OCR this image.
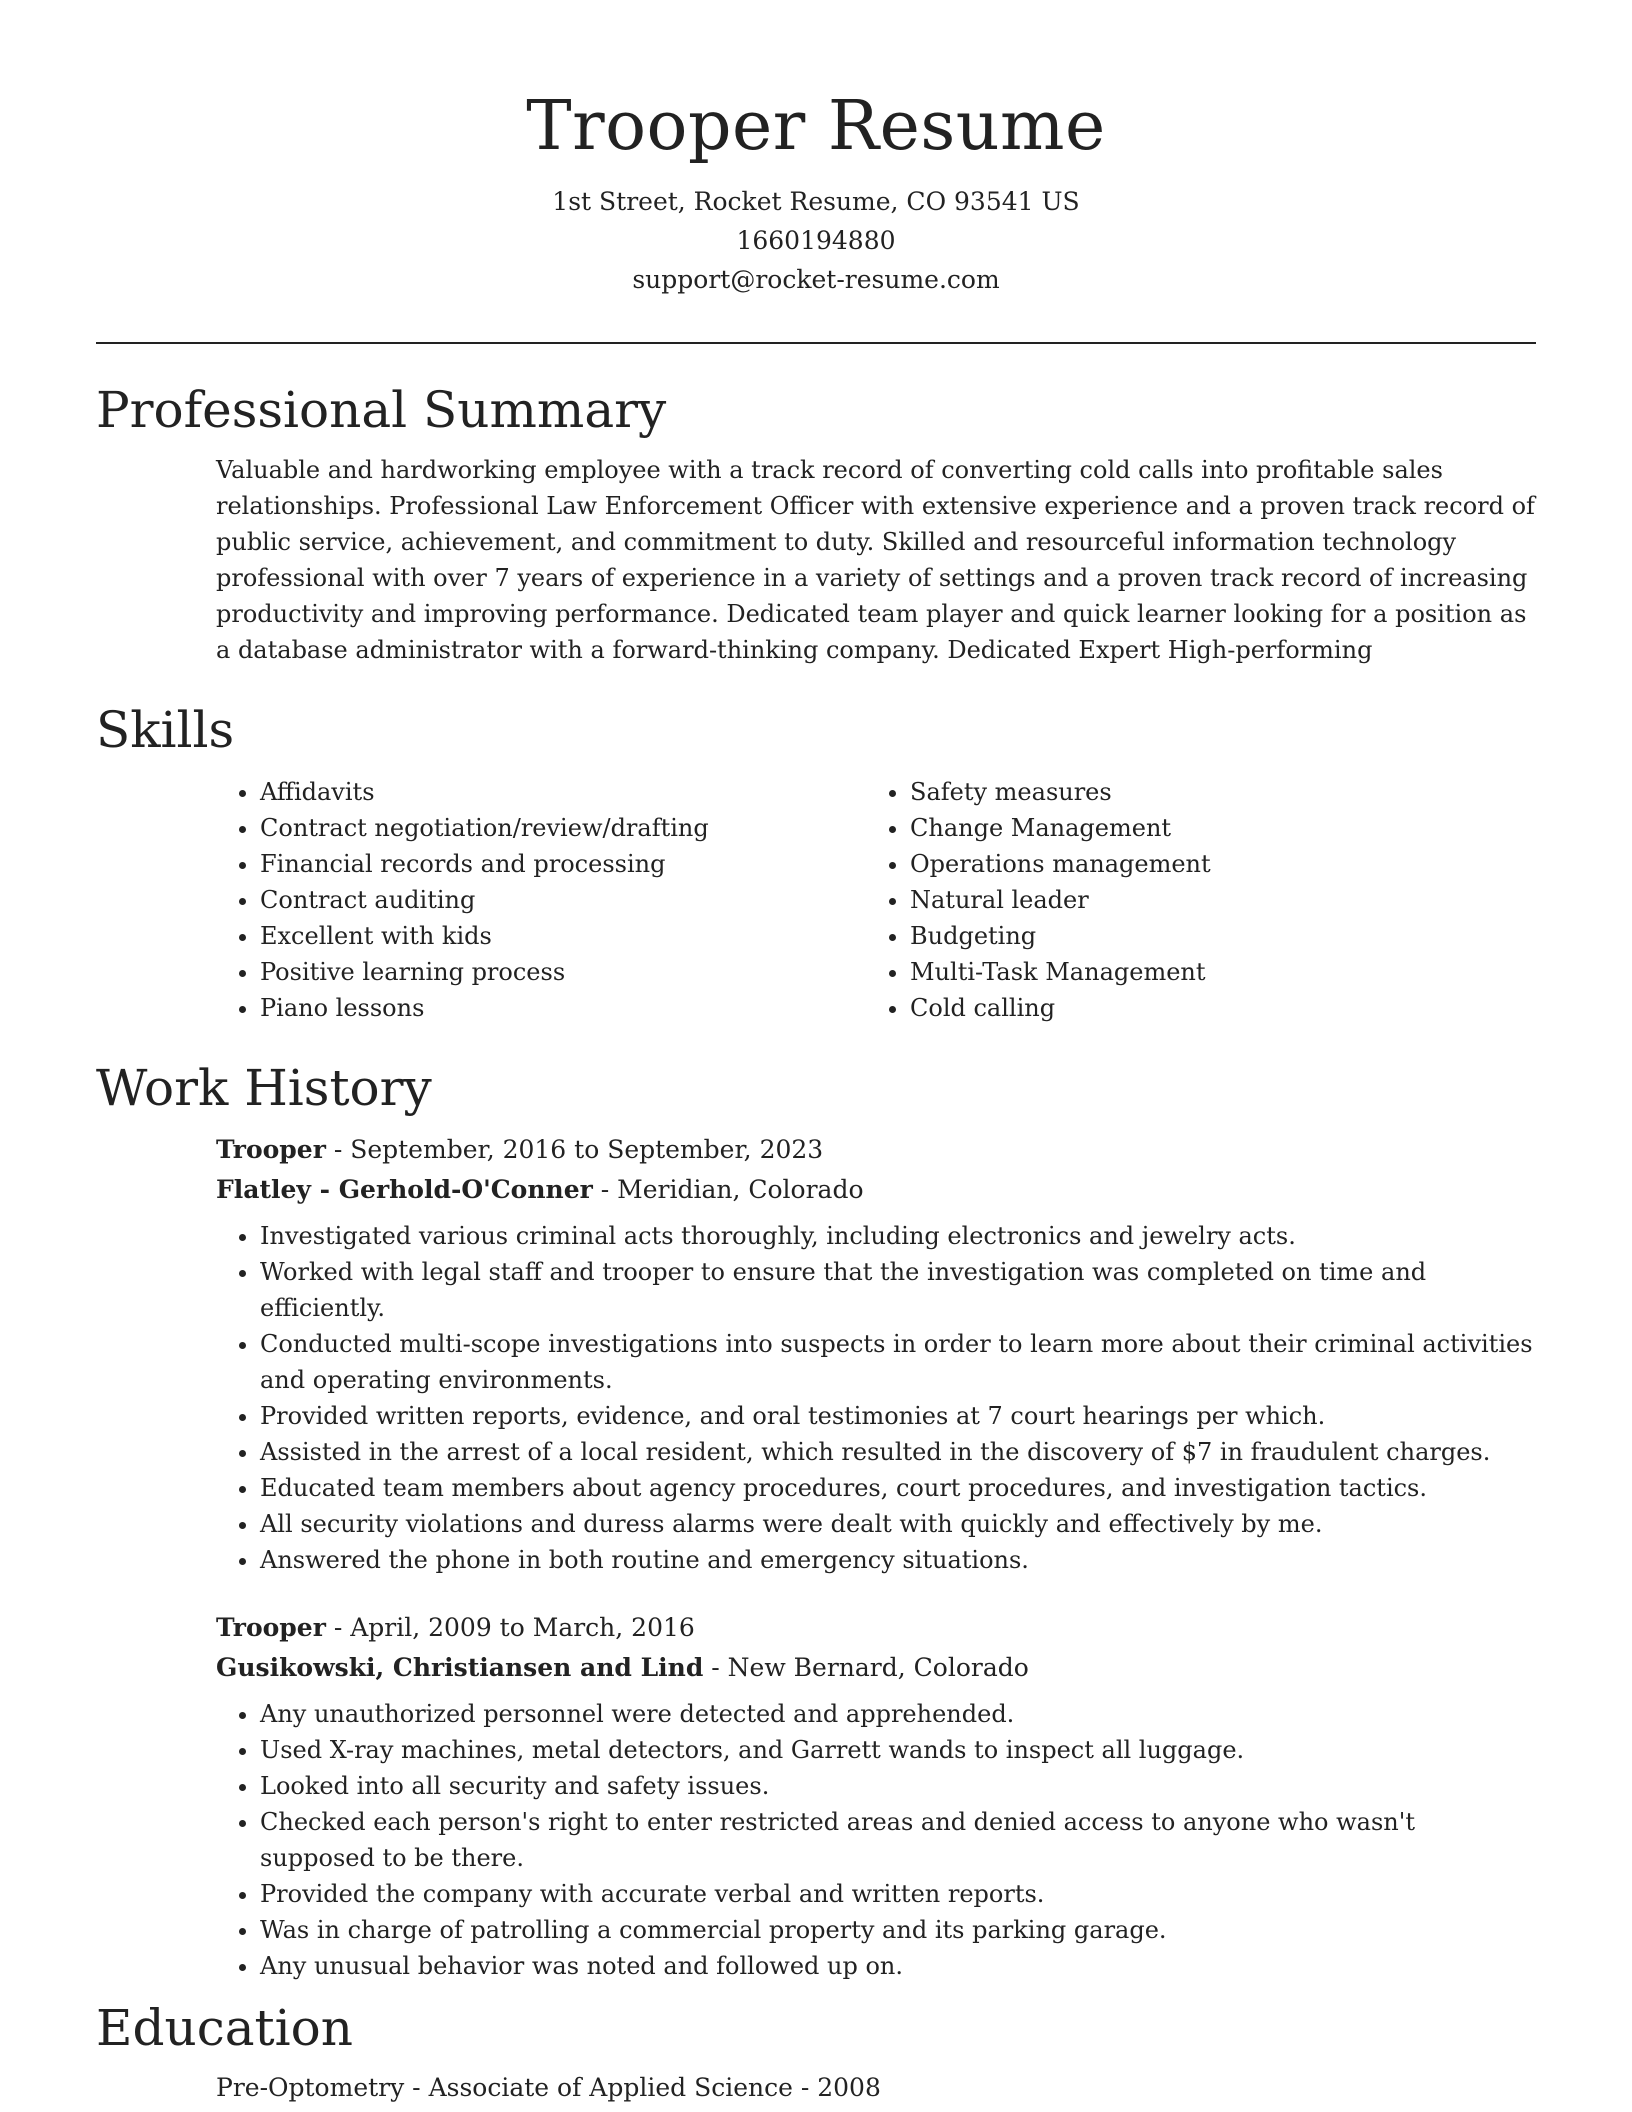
Trooper Resume
1st Street, Rocket Resume, CO 93541 US
1660194880
support@rocket-resume.com
Professional Summary

Valuable and hardworking employee with a track record of converting cold calls into profitable sales relationships. Professional Law Enforcement Officer with extensive experience and a proven track record of public service, achievement, and commitment to duty. Skilled and resourceful information technology professional with over 7 years of experience in a variety of settings and a proven track record of increasing productivity and improving performance. Dedicated team player and quick learner looking for a position as a database administrator with a forward-thinking company. Dedicated Expert High-performing

Skills
• Affidavits
• Contract negotiation/review/drafting
• Financial records and processing
• Contract auditing
• Excellent with kids
• Positive learning process
• Piano lessons
• Safety measures
• Change Management
• Operations management
• Natural leader
• Budgeting
• Multi-Task Management
• Cold calling
Work History
Trooper - September, 2016 to September, 2023
Flatley - Gerhold-O'Conner - Meridian, Colorado
• Investigated various criminal acts thoroughly, including electronics and jewelry acts.
• Worked with legal staff and trooper to ensure that the investigation was completed on time and efficiently.
• Conducted multi-scope investigations into suspects in order to learn more about their criminal activities and operating environments.
• Provided written reports, evidence, and oral testimonies at 7 court hearings per which.
• Assisted in the arrest of a local resident, which resulted in the discovery of $7 in fraudulent charges.
• Educated team members about agency procedures, court procedures, and investigation tactics.
• All security violations and duress alarms were dealt with quickly and effectively by me.
• Answered the phone in both routine and emergency situations.
Trooper - April, 2009 to March, 2016
Gusikowski, Christiansen and Lind - New Bernard, Colorado
• Any unauthorized personnel were detected and apprehended.
• Used X-ray machines, metal detectors, and Garrett wands to inspect all luggage.
• Looked into all security and safety issues.
• Checked each person's right to enter restricted areas and denied access to anyone who wasn't supposed to be there.
• Provided the company with accurate verbal and written reports.
• Was in charge of patrolling a commercial property and its parking garage.
• Any unusual behavior was noted and followed up on.
Education
Pre-Optometry - Associate of Applied Science - 2008
